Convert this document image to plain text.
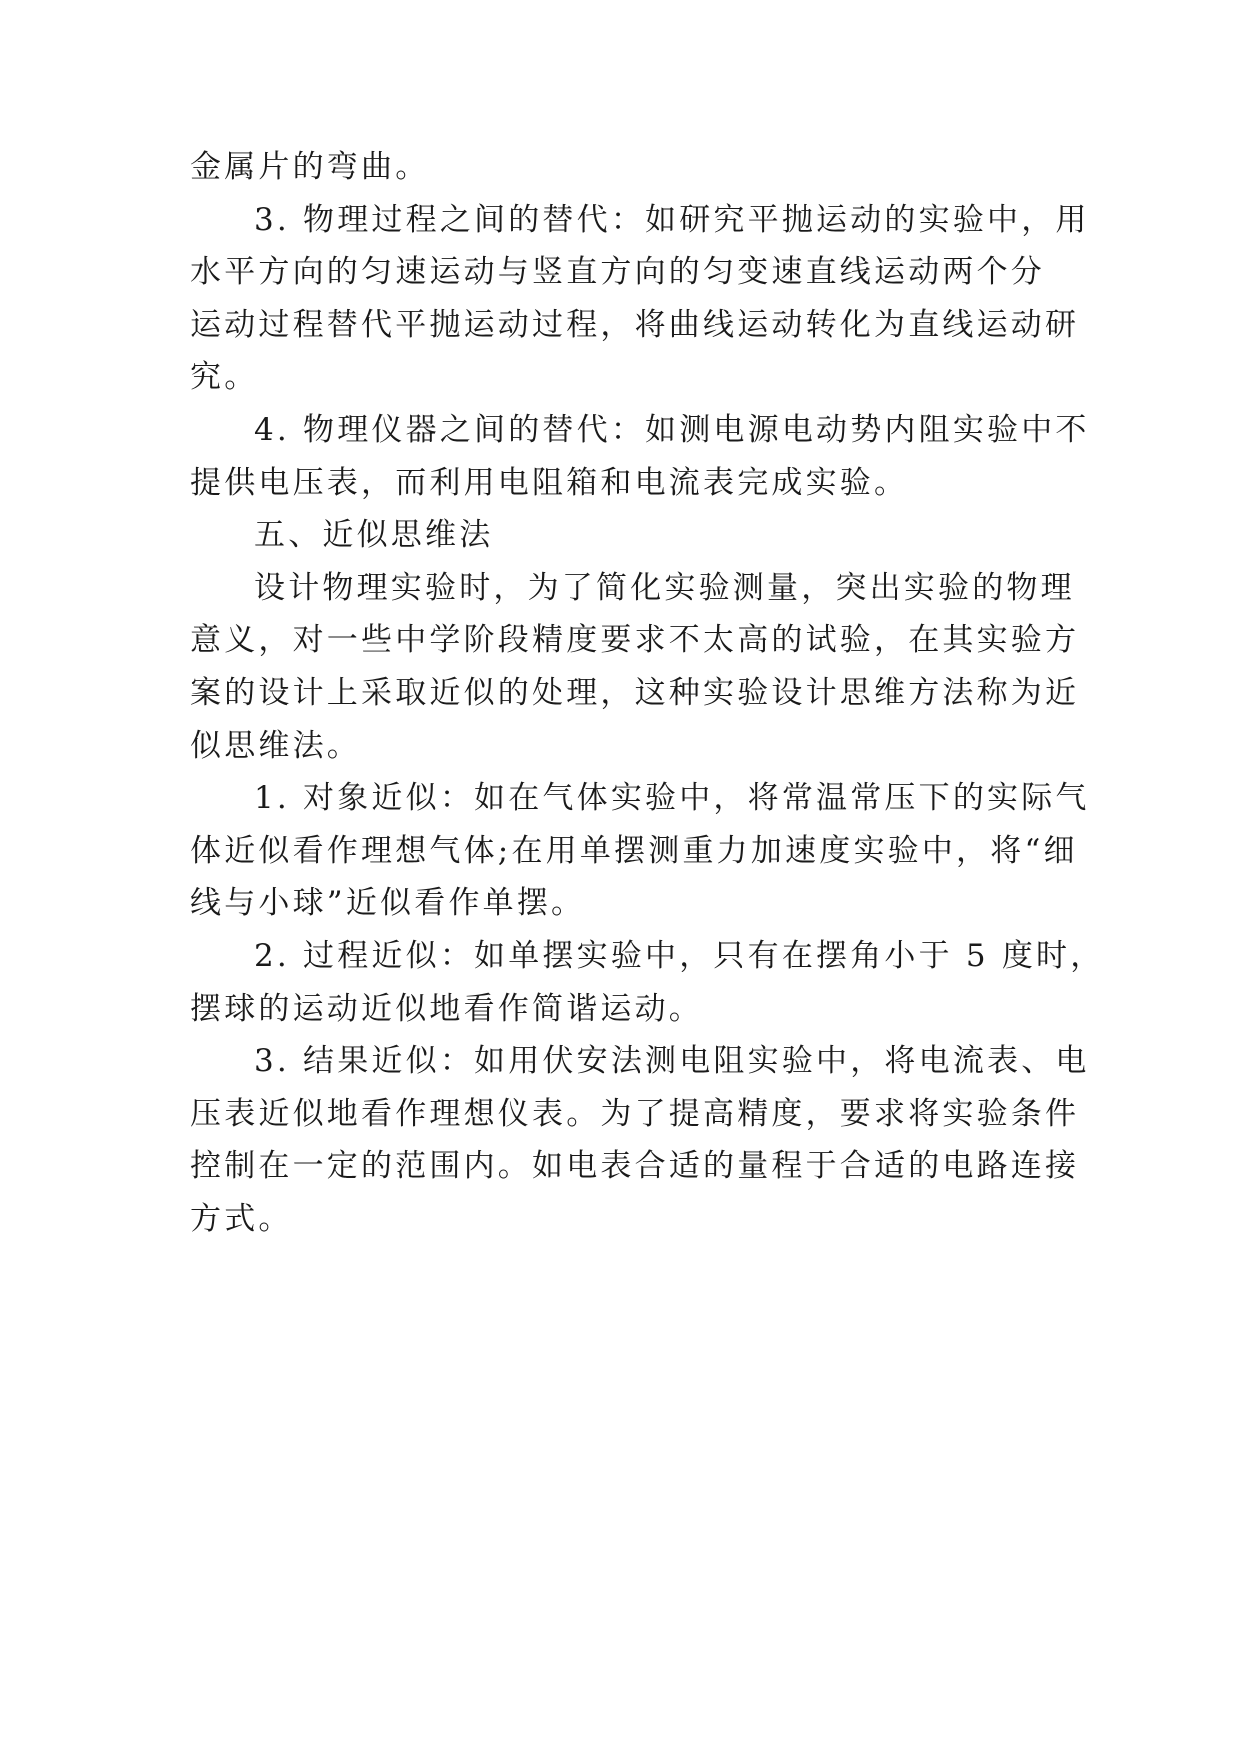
金属片的弯曲。

3. 物理过程之间的替代：如研究平抛运动的实验中，用
水平方向的匀速运动与竖直方向的匀变速直线运动两个分
运动过程替代平抛运动过程，将曲线运动转化为直线运动研
究。

4. 物理仪器之间的替代：如测电源电动势内阻实验中不
提供电压表，而利用电阻箱和电流表完成实验。

五、近似思维法

设计物理实验时，为了简化实验测量，突出实验的物理
意义，对一些中学阶段精度要求不太高的试验，在其实验方
案的设计上采取近似的处理，这种实验设计思维方法称为近
似思维法。

1. 对象近似：如在气体实验中，将常温常压下的实际气
体近似看作理想气体;在用单摆测重力加速度实验中，将“细
线与小球”近似看作单摆。

2. 过程近似：如单摆实验中，只有在摆角小于 5 度时，
摆球的运动近似地看作简谐运动。

3. 结果近似：如用伏安法测电阻实验中，将电流表、电
压表近似地看作理想仪表。为了提高精度，要求将实验条件
控制在一定的范围内。如电表合适的量程于合适的电路连接
方式。
